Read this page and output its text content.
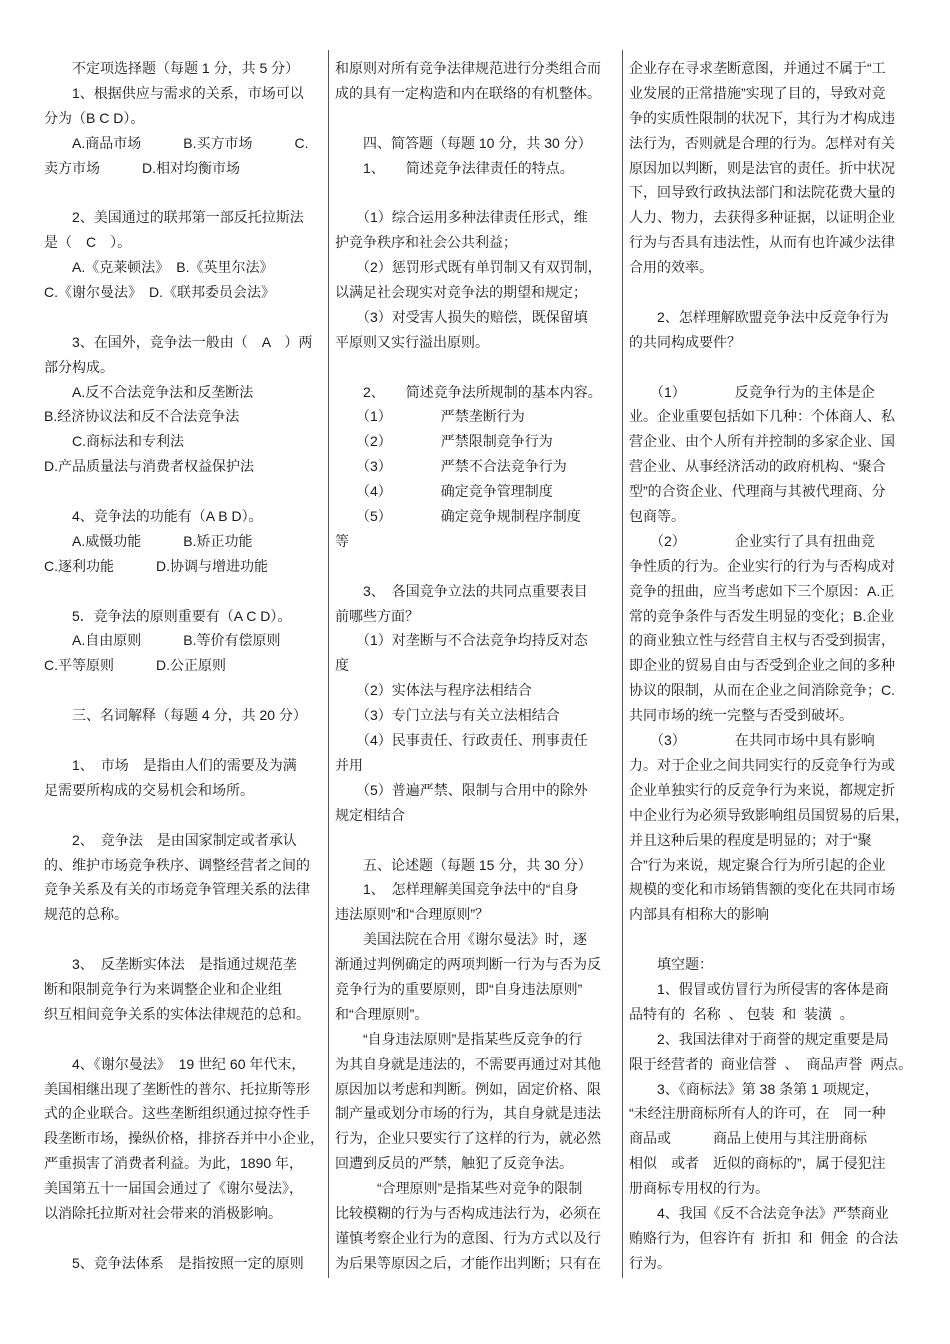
　　不定项选择题（每题 1 分，共 5 分）
　　1、根据供应与需求的关系，市场可以
分为（B C D）。
　　A.商品市场　　　B.买方市场　　　C.
卖方市场　　　D.相对均衡市场
　　2、美国通过的联邦第一部反托拉斯法
是（　C　）。
　　A.《克莱顿法》　B.《英里尔法》
C.《谢尔曼法》　D.《联邦委员会法》
　　3、在国外，竞争法一般由（　A　）两
部分构成。
　　A.反不合法竞争法和反垄断法
B.经济协议法和反不合法竞争法
　　C.商标法和专利法
D.产品质量法与消费者权益保护法
　　4、竞争法的功能有（A B D）。
　　A.威慑功能　　　B.矫正功能
C.逐利功能　　　D.协调与增进功能
　　5．竞争法的原则重要有（A C D）。
　　A.自由原则　　　B.等价有偿原则
C.平等原则　　　D.公正原则
　　三、名词解释（每题 4 分，共 20 分）
　　1、　市场　是指由人们的需要及为满
足需要所构成的交易机会和场所。
　　2、　竞争法　是由国家制定或者承认
的、维护市场竞争秩序、调整经营者之间的
竞争关系及有关的市场竞争管理关系的法律
规范的总称。
　　3、　反垄断实体法　是指通过规范垄
断和限制竞争行为来调整企业和企业组
织互相间竞争关系的实体法律规范的总和。
　　4、《谢尔曼法》  19 世纪 60 年代末，
美国相继出现了垄断性的普尔、托拉斯等形
式的企业联合。这些垄断组织通过掠夺性手
段垄断市场，操纵价格，排挤吞并中小企业，
严重损害了消费者利益。为此，1890 年，
美国第五十一届国会通过了《谢尔曼法》，
以消除托拉斯对社会带来的消极影响。
　　5、竞争法体系　是指按照一定的原则
和原则对所有竞争法律规范进行分类组合而
成的具有一定构造和内在联络的有机整体。
　　四、简答题（每题 10 分，共 30 分）
　　1、　　简述竞争法律责任的特点。
　　（1）综合运用多种法律责任形式，维
护竞争秩序和社会公共利益；
　　（2）惩罚形式既有单罚制又有双罚制，
以满足社会现实对竞争法的期望和规定；
　　（3）对受害人损失的赔偿，既保留填
平原则又实行溢出原则。
　　2、　　简述竞争法所规制的基本内容。
　　（1）　　　　严禁垄断行为
　　（2）　　　　严禁限制竞争行为
　　（3）　　　　严禁不合法竞争行为
　　（4）　　　　确定竞争管理制度
　　（5）　　　　确定竞争规制程序制度
等
　　3、　各国竞争立法的共同点重要表目
前哪些方面？
　　（1）对垄断与不合法竞争均持反对态
度
　　（2）实体法与程序法相结合
　　（3）专门立法与有关立法相结合
　　（4）民事责任、行政责任、刑事责任
并用
　　（5）普遍严禁、限制与合用中的除外
规定相结合
　　五、论述题（每题 15 分，共 30 分）
　　1、　怎样理解美国竞争法中的“自身
违法原则”和“合理原则”？
　　美国法院在合用《谢尔曼法》时，逐
渐通过判例确定的两项判断一行为与否为反
竞争行为的重要原则，即“自身违法原则”
和“合理原则”。
　　“自身违法原则”是指某些反竞争的行
为其自身就是违法的，不需要再通过对其他
原因加以考虑和判断。例如，固定价格、限
制产量或划分市场的行为，其自身就是违法
行为，企业只要实行了这样的行为，就必然
回遭到反员的严禁，触犯了反竞争法。
　　　“合理原则”是指某些对竞争的限制
比较模糊的行为与否构成违法行为，必须在
谨慎考察企业行为的意图、行为方式以及行
为后果等原因之后，才能作出判断；只有在
企业存在寻求垄断意图，并通过不属于“工
业发展的正常措施”实现了目的，导致对竞
争的实质性限制的状况下，其行为才构成违
法行为，否则就是合理的行为。怎样对有关
原因加以判断，则是法官的责任。折中状况
下，回导致行政执法部门和法院花费大量的
人力、物力，去获得多种证据，以证明企业
行为与否具有违法性，从而有也许减少法律
合用的效率。
　　2、怎样理解欧盟竞争法中反竞争行为
的共同构成要件？
　　（1）　　　　反竞争行为的主体是企
业。企业重要包括如下几种：个体商人、私
营企业、由个人所有并控制的多家企业、国
营企业、从事经济活动的政府机构、“聚合
型”的合资企业、代理商与其被代理商、分
包商等。
　　（2）　　　　企业实行了具有扭曲竞
争性质的行为。企业实行的行为与否构成对
竞争的扭曲，应当考虑如下三个原因：A.正
常的竞争条件与否发生明显的变化；B.企业
的商业独立性与经营自主权与否受到损害，
即企业的贸易自由与否受到企业之间的多种
协议的限制，从而在企业之间消除竞争；C.
共同市场的统一完整与否受到破坏。
　　（3）　　　　在共同市场中具有影响
力。对于企业之间共同实行的反竞争行为或
企业单独实行的反竞争行为来说，都规定折
中企业行为必须导致影响组员国贸易的后果，
并且这种后果的程度是明显的；对于“聚
合”行为来说，规定聚合行为所引起的企业
规模的变化和市场销售额的变化在共同市场
内部具有相称大的影响
　　填空题：
　　1、假冒或仿冒行为所侵害的客体是商
品特有的  名称  、 包装  和  装潢  。
　　2、我国法律对于商誉的规定重要是局
限于经营者的  商业信誉  、  商品声誉  两点。
　　3、《商标法》第 38 条第 1 项规定，
“未经注册商标所有人的许可，在　同一种
商品或　　　商品上使用与其注册商标
相似　或者　近似的商标的”，属于侵犯注
册商标专用权的行为。
　　4、我国《反不合法竞争法》严禁商业
贿赂行为，但容许有  折扣  和  佣金  的合法
行为。
